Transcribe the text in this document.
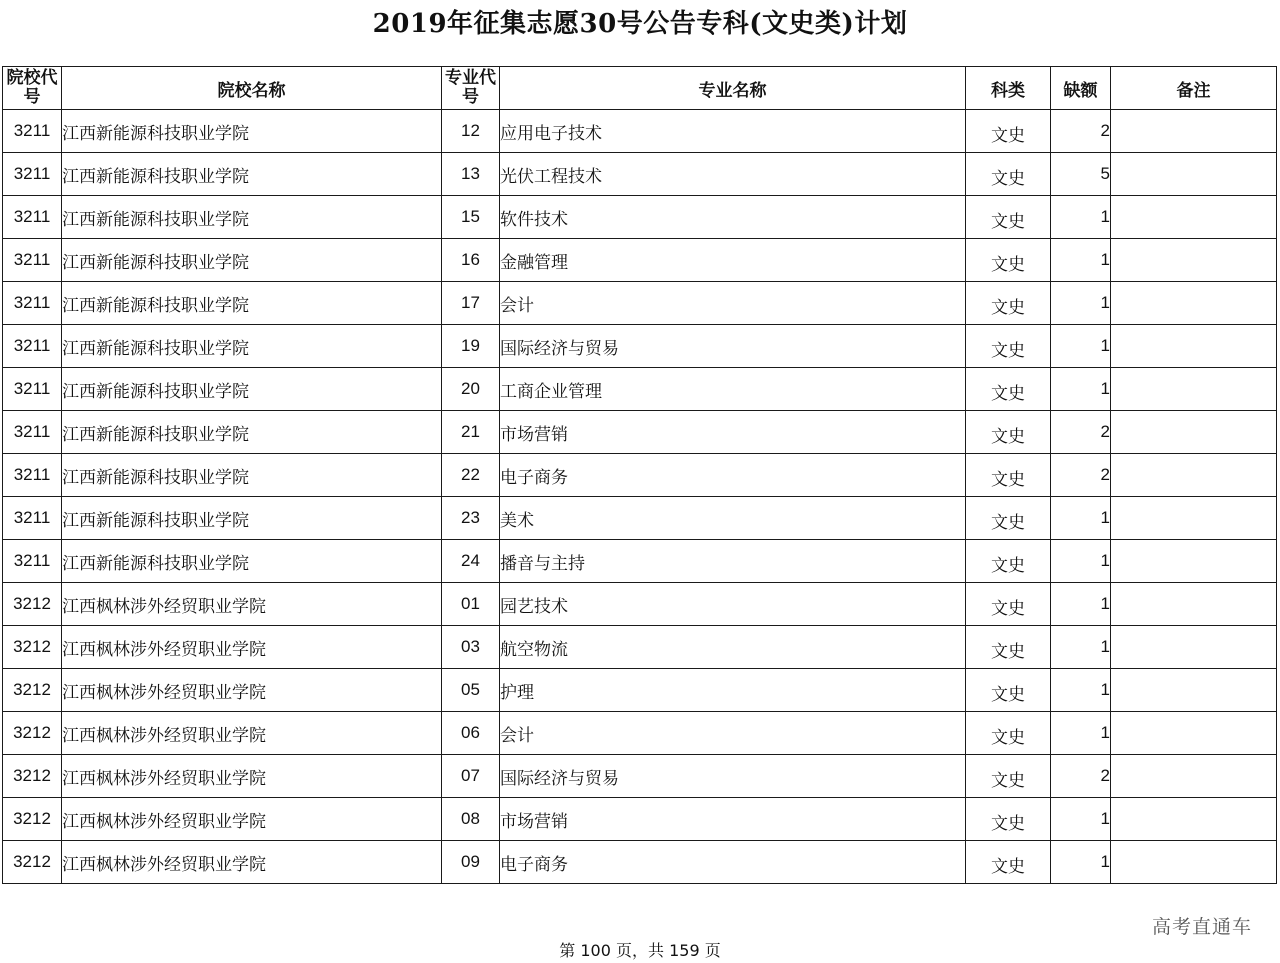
2019年征集志愿30号公告专科(文史类)计划
院校代号	院校名称	专业代号	专业名称	科类	缺额	备注
3211	江西新能源科技职业学院	12	应用电子技术	文史	2	
3211	江西新能源科技职业学院	13	光伏工程技术	文史	5	
3211	江西新能源科技职业学院	15	软件技术	文史	1	
3211	江西新能源科技职业学院	16	金融管理	文史	1	
3211	江西新能源科技职业学院	17	会计	文史	1	
3211	江西新能源科技职业学院	19	国际经济与贸易	文史	1	
3211	江西新能源科技职业学院	20	工商企业管理	文史	1	
3211	江西新能源科技职业学院	21	市场营销	文史	2	
3211	江西新能源科技职业学院	22	电子商务	文史	2	
3211	江西新能源科技职业学院	23	美术	文史	1	
3211	江西新能源科技职业学院	24	播音与主持	文史	1	
3212	江西枫林涉外经贸职业学院	01	园艺技术	文史	1	
3212	江西枫林涉外经贸职业学院	03	航空物流	文史	1	
3212	江西枫林涉外经贸职业学院	05	护理	文史	1	
3212	江西枫林涉外经贸职业学院	06	会计	文史	1	
3212	江西枫林涉外经贸职业学院	07	国际经济与贸易	文史	2	
3212	江西枫林涉外经贸职业学院	08	市场营销	文史	1	
3212	江西枫林涉外经贸职业学院	09	电子商务	文史	1	
高考直通车
第 100 页，共 159 页
